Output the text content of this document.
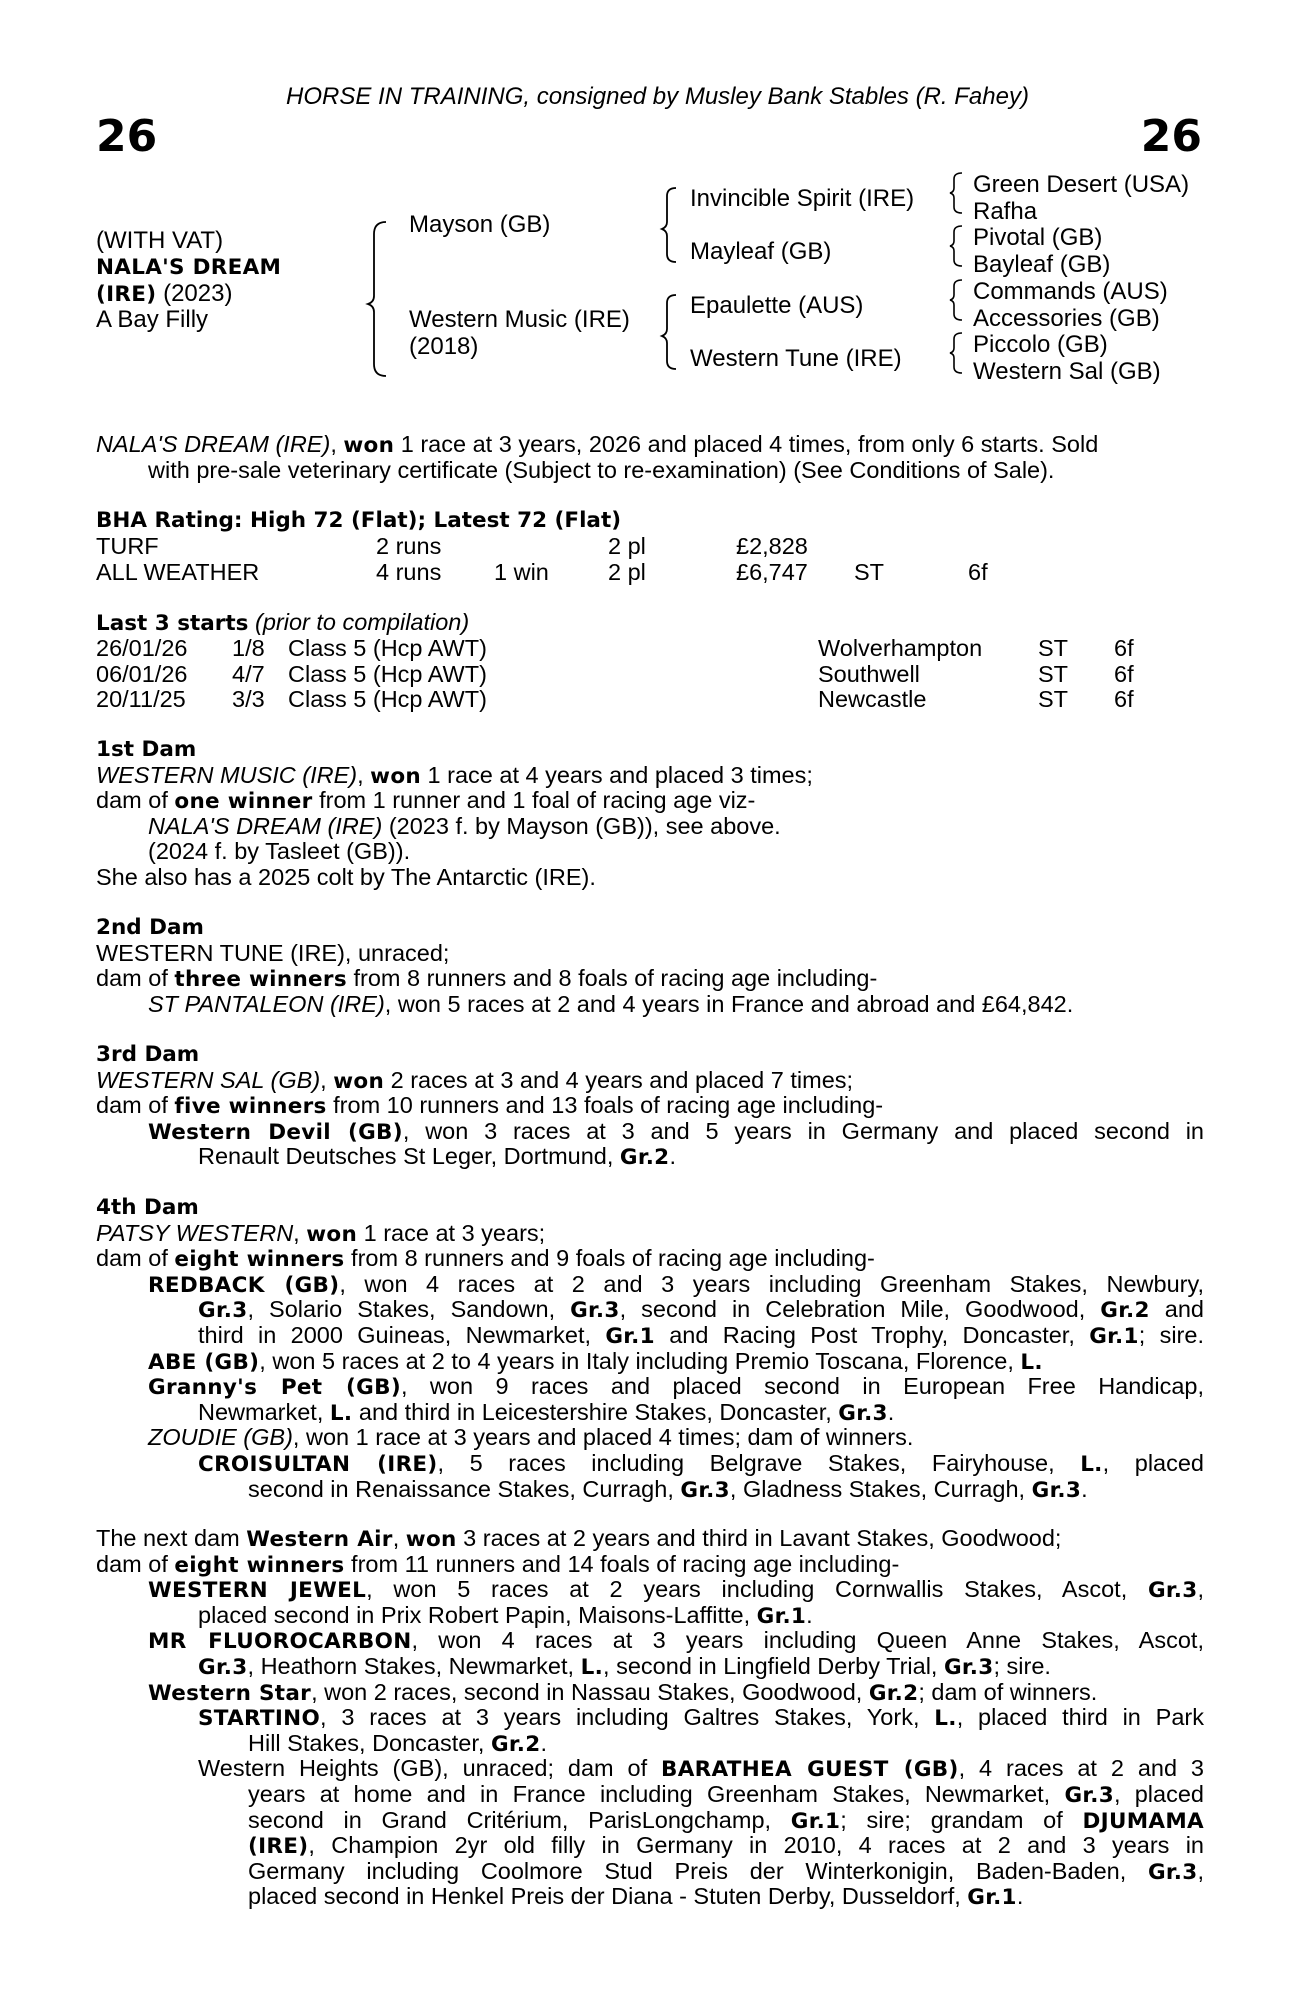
HORSE IN TRAINING, consigned by Musley Bank Stables (R. Fahey)
26	26
(WITH VAT)
NALA'S DREAM
(IRE) (2023)
A Bay Filly
Mayson (GB)
Western Music (IRE)
(2018)
Invincible Spirit (IRE)
Mayleaf (GB)
Epaulette (AUS)
Western Tune (IRE)
Green Desert (USA)
Rafha
Pivotal (GB)
Bayleaf (GB)
Commands (AUS)
Accessories (GB)
Piccolo (GB)
Western Sal (GB)
NALA'S DREAM (IRE), won 1 race at 3 years, 2026 and placed 4 times, from only 6 starts. Sold
with pre-sale veterinary certificate (Subject to re-examination) (See Conditions of Sale).
BHA Rating: High 72 (Flat); Latest 72 (Flat)
TURF	2 runs	2 pl	£2,828
ALL WEATHER	4 runs 1 win	2 pl	£6,747 ST	6f
Last 3 starts (prior to compilation)
26/01/26 1/8 Class 5 (Hcp AWT)	Wolverhampton ST 6f
06/01/26 4/7 Class 5 (Hcp AWT)	Southwell	ST 6f
20/11/25 3/3 Class 5 (Hcp AWT)	Newcastle	ST 6f
1st Dam
WESTERN MUSIC (IRE), won 1 race at 4 years and placed 3 times;
dam of one winner from 1 runner and 1 foal of racing age viz-
NALA'S DREAM (IRE) (2023 f. by Mayson (GB)), see above.
(2024 f. by Tasleet (GB)).
She also has a 2025 colt by The Antarctic (IRE).
2nd Dam
WESTERN TUNE (IRE), unraced;
dam of three winners from 8 runners and 8 foals of racing age including-
ST PANTALEON (IRE), won 5 races at 2 and 4 years in France and abroad and £64,842.
3rd Dam
WESTERN SAL (GB), won 2 races at 3 and 4 years and placed 7 times;
dam of five winners from 10 runners and 13 foals of racing age including-
Western Devil (GB), won 3 races at 3 and 5 years in Germany and placed second in
Renault Deutsches St Leger, Dortmund, Gr.2.
4th Dam
PATSY WESTERN, won 1 race at 3 years;
dam of eight winners from 8 runners and 9 foals of racing age including-
REDBACK (GB), won 4 races at 2 and 3 years including Greenham Stakes, Newbury,
Gr.3, Solario Stakes, Sandown, Gr.3, second in Celebration Mile, Goodwood, Gr.2 and
third in 2000 Guineas, Newmarket, Gr.1 and Racing Post Trophy, Doncaster, Gr.1; sire.
ABE (GB), won 5 races at 2 to 4 years in Italy including Premio Toscana, Florence, L.
Granny's Pet (GB), won 9 races and placed second in European Free Handicap,
Newmarket, L. and third in Leicestershire Stakes, Doncaster, Gr.3.
ZOUDIE (GB), won 1 race at 3 years and placed 4 times; dam of winners.
CROISULTAN (IRE), 5 races including Belgrave Stakes, Fairyhouse, L., placed
second in Renaissance Stakes, Curragh, Gr.3, Gladness Stakes, Curragh, Gr.3.
The next dam Western Air, won 3 races at 2 years and third in Lavant Stakes, Goodwood;
dam of eight winners from 11 runners and 14 foals of racing age including-
WESTERN JEWEL, won 5 races at 2 years including Cornwallis Stakes, Ascot, Gr.3,
placed second in Prix Robert Papin, Maisons-Laffitte, Gr.1.
MR FLUOROCARBON, won 4 races at 3 years including Queen Anne Stakes, Ascot,
Gr.3, Heathorn Stakes, Newmarket, L., second in Lingfield Derby Trial, Gr.3; sire.
Western Star, won 2 races, second in Nassau Stakes, Goodwood, Gr.2; dam of winners.
STARTINO, 3 races at 3 years including Galtres Stakes, York, L., placed third in Park
Hill Stakes, Doncaster, Gr.2.
Western Heights (GB), unraced; dam of BARATHEA GUEST (GB), 4 races at 2 and 3
years at home and in France including Greenham Stakes, Newmarket, Gr.3, placed
second in Grand Critérium, ParisLongchamp, Gr.1; sire; grandam of DJUMAMA
(IRE), Champion 2yr old filly in Germany in 2010, 4 races at 2 and 3 years in
Germany including Coolmore Stud Preis der Winterkonigin, Baden-Baden, Gr.3,
placed second in Henkel Preis der Diana - Stuten Derby, Dusseldorf, Gr.1.
